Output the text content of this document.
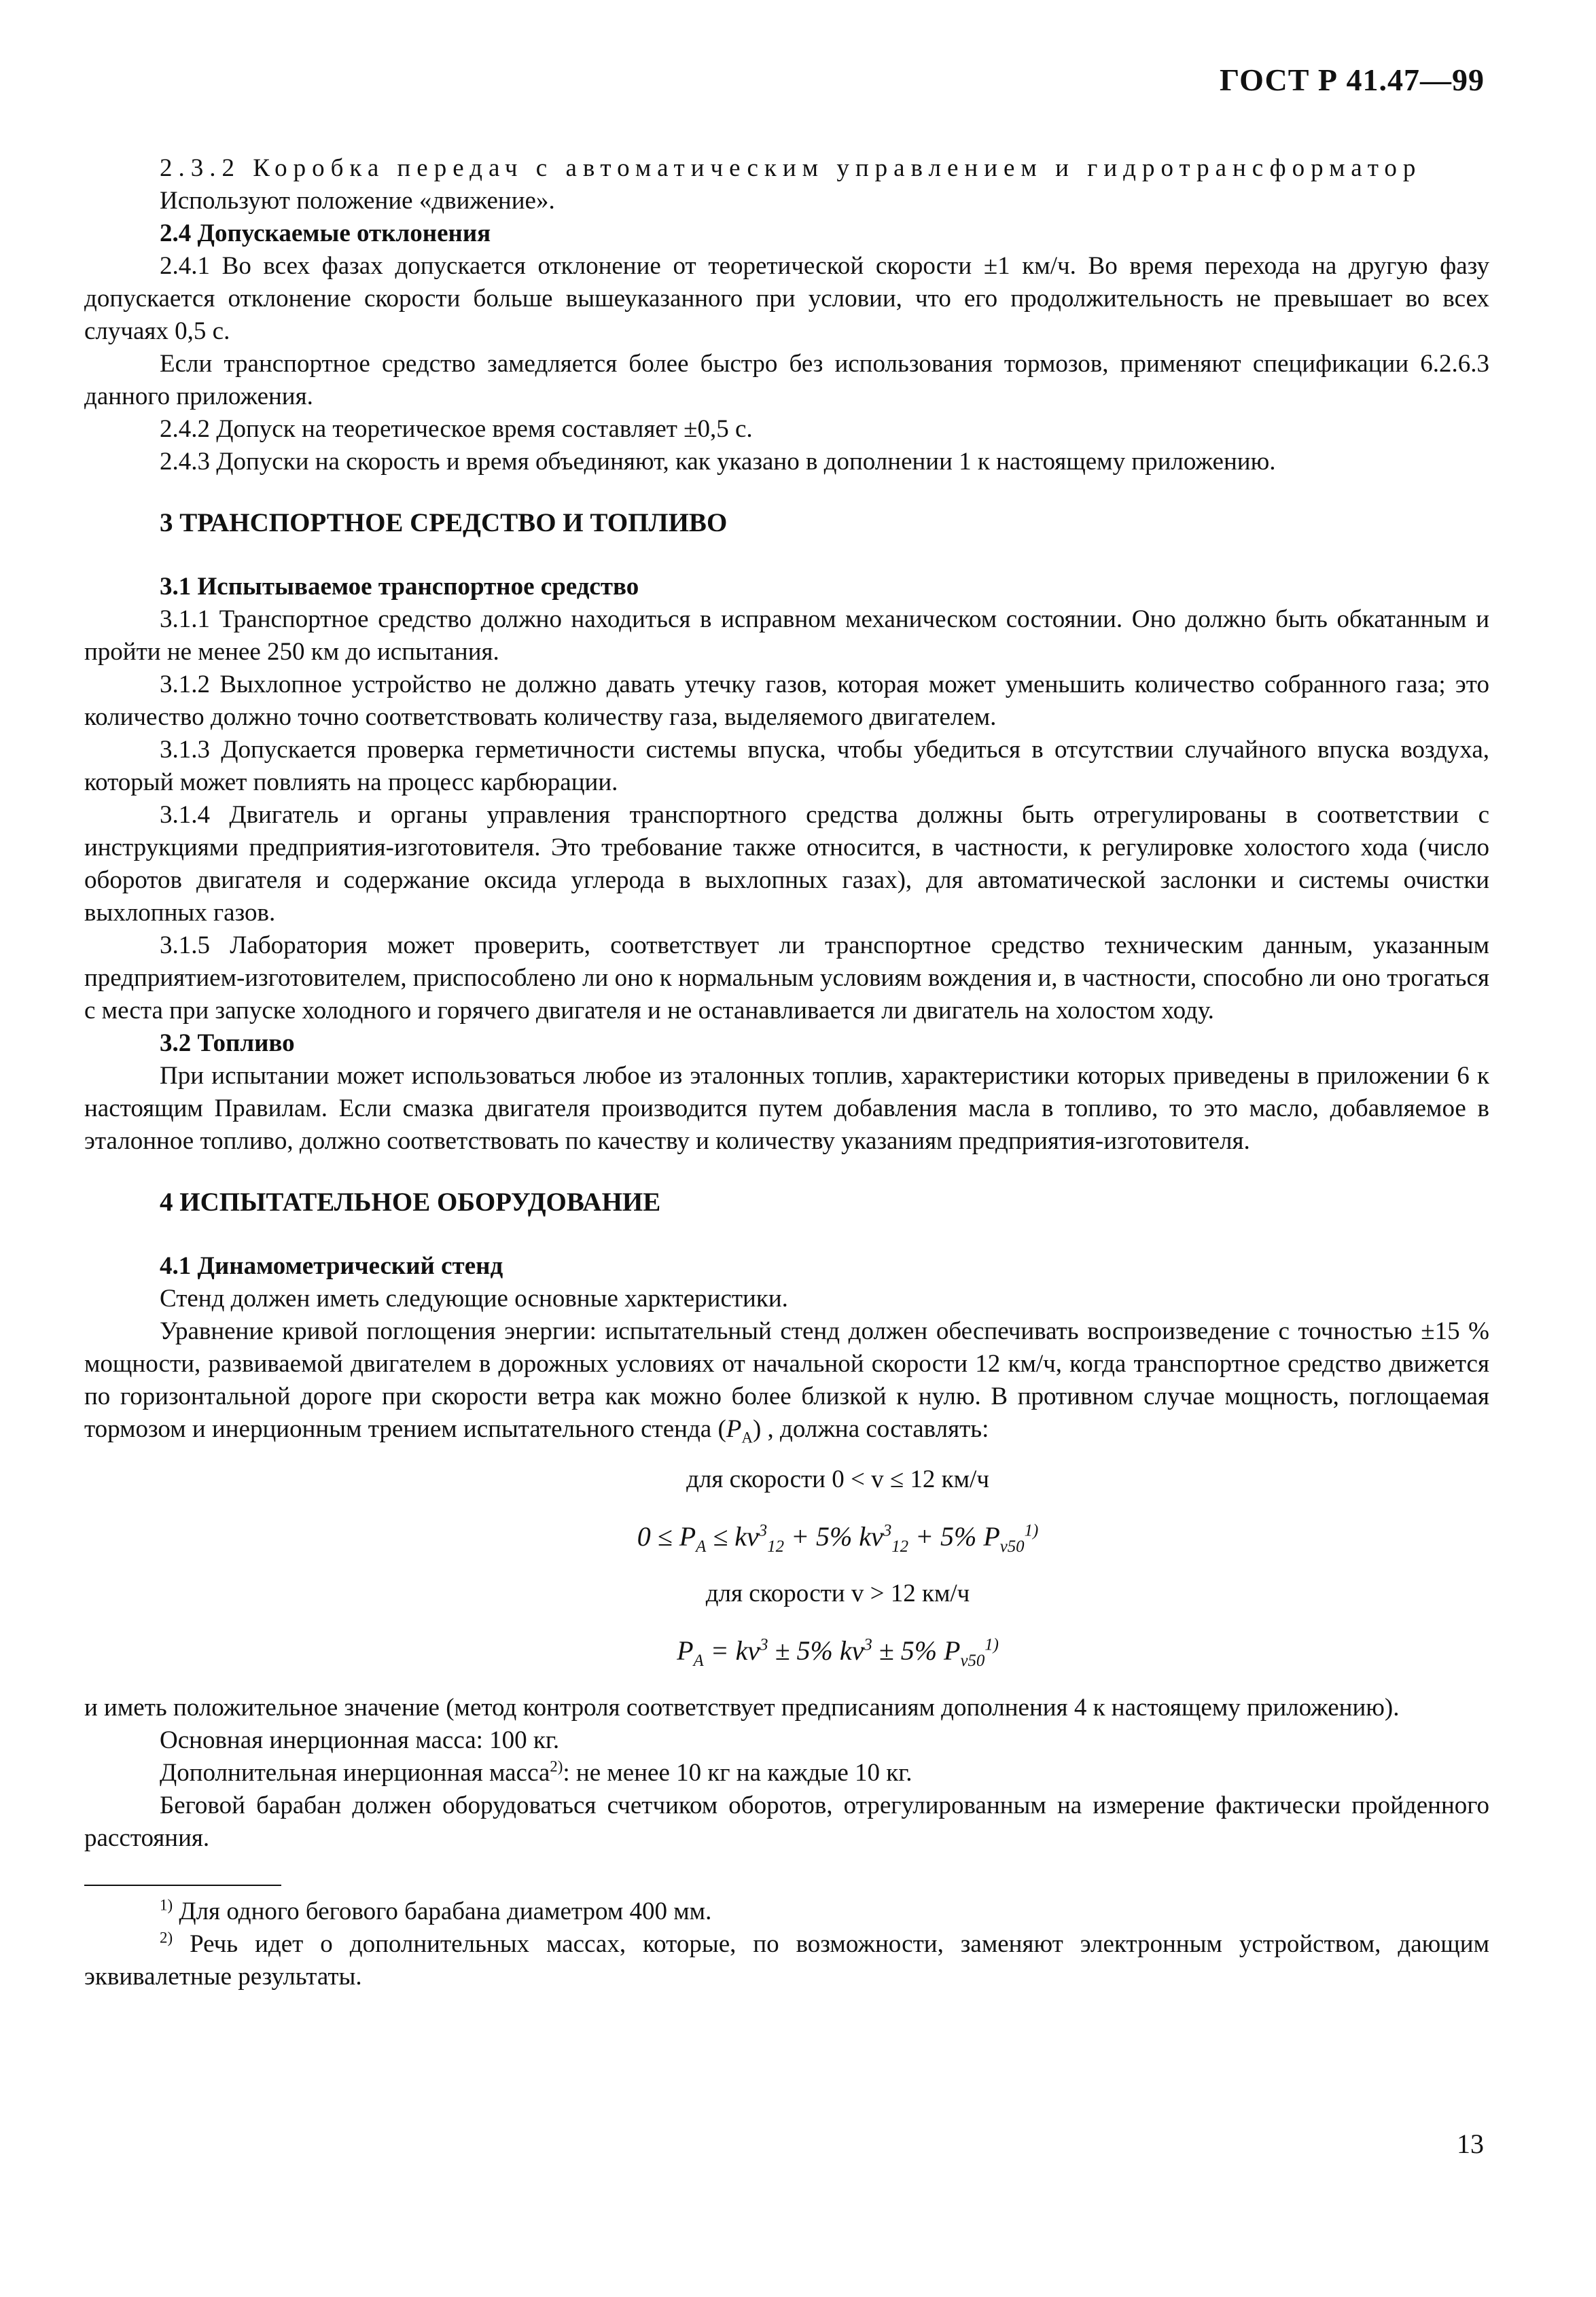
ГОСТ Р 41.47—99

2.3.2 Коробка передач с автоматическим управлением и гидротрансформатор

Используют положение «движение».

2.4 Допускаемые отклонения

2.4.1 Во всех фазах допускается отклонение от теоретической скорости ±1 км/ч. Во время перехода на другую фазу допускается отклонение скорости больше вышеуказанного при условии, что его продолжительность не превышает во всех случаях 0,5 с.

Если транспортное средство замедляется более быстро без использования тормозов, применяют спецификации 6.2.6.3 данного приложения.

2.4.2 Допуск на теоретическое время составляет ±0,5 с.

2.4.3 Допуски на скорость и время объединяют, как указано в дополнении 1 к настоящему приложению.

3 ТРАНСПОРТНОЕ СРЕДСТВО И ТОПЛИВО

3.1 Испытываемое транспортное средство

3.1.1 Транспортное средство должно находиться в исправном механическом состоянии. Оно должно быть обкатанным и пройти не менее 250 км до испытания.

3.1.2 Выхлопное устройство не должно давать утечку газов, которая может уменьшить количество собранного газа; это количество должно точно соответствовать количеству газа, выделяемого двигателем.

3.1.3 Допускается проверка герметичности системы впуска, чтобы убедиться в отсутствии случайного впуска воздуха, который может повлиять на процесс карбюрации.

3.1.4 Двигатель и органы управления транспортного средства должны быть отрегулированы в соответствии с инструкциями предприятия-изготовителя. Это требование также относится, в частности, к регулировке холостого хода (число оборотов двигателя и содержание оксида углерода в выхлопных газах), для автоматической заслонки и системы очистки выхлопных газов.

3.1.5 Лаборатория может проверить, соответствует ли транспортное средство техническим данным, указанным предприятием-изготовителем, приспособлено ли оно к нормальным условиям вождения и, в частности, способно ли оно трогаться с места при запуске холодного и горячего двигателя и не останавливается ли двигатель на холостом ходу.

3.2 Топливо

При испытании может использоваться любое из эталонных топлив, характеристики которых приведены в приложении 6 к настоящим Правилам. Если смазка двигателя производится путем добавления масла в топливо, то это масло, добавляемое в эталонное топливо, должно соответствовать по качеству и количеству указаниям предприятия-изготовителя.

4 ИСПЫТАТЕЛЬНОЕ ОБОРУДОВАНИЕ

4.1 Динамометрический стенд

Стенд должен иметь следующие основные харктеристики.

Уравнение кривой поглощения энергии: испытательный стенд должен обеспечивать воспроизведение с точностью ±15 % мощности, развиваемой двигателем в дорожных условиях от начальной скорости 12 км/ч, когда транспортное средство движется по горизонтальной дороге при скорости ветра как можно более близкой к нулю. В противном случае мощность, поглощаемая тормозом и инерционным трением испытательного стенда $(P_A)$ , должна составлять:

для скорости 0 < v ≤ 12 км/ч
$0 \le P_A \le kv^3_{12} + 5\%$ $kv^3_{12} + 5\%$ $P_{v50}^{1)}$
для скорости v > 12 км/ч
$P_A = kv^3 \pm 5\%$ $kv^3 \pm 5\%$ $P_{v50}^{1)}$

и иметь положительное значение (метод контроля соответствует предписаниям дополнения 4 к настоящему приложению).

Основная инерционная масса: 100 кг.

Дополнительная инерционная масса$^{2)}$: не менее 10 кг на каждые 10 кг.

Беговой барабан должен оборудоваться счетчиком оборотов, отрегулированным на измерение фактически пройденного расстояния.

$^{1)}$ Для одного бегового барабана диаметром 400 мм.

$^{2)}$ Речь идет о дополнительных массах, которые, по возможности, заменяют электронным устройством, дающим эквивалетные результаты.

13
